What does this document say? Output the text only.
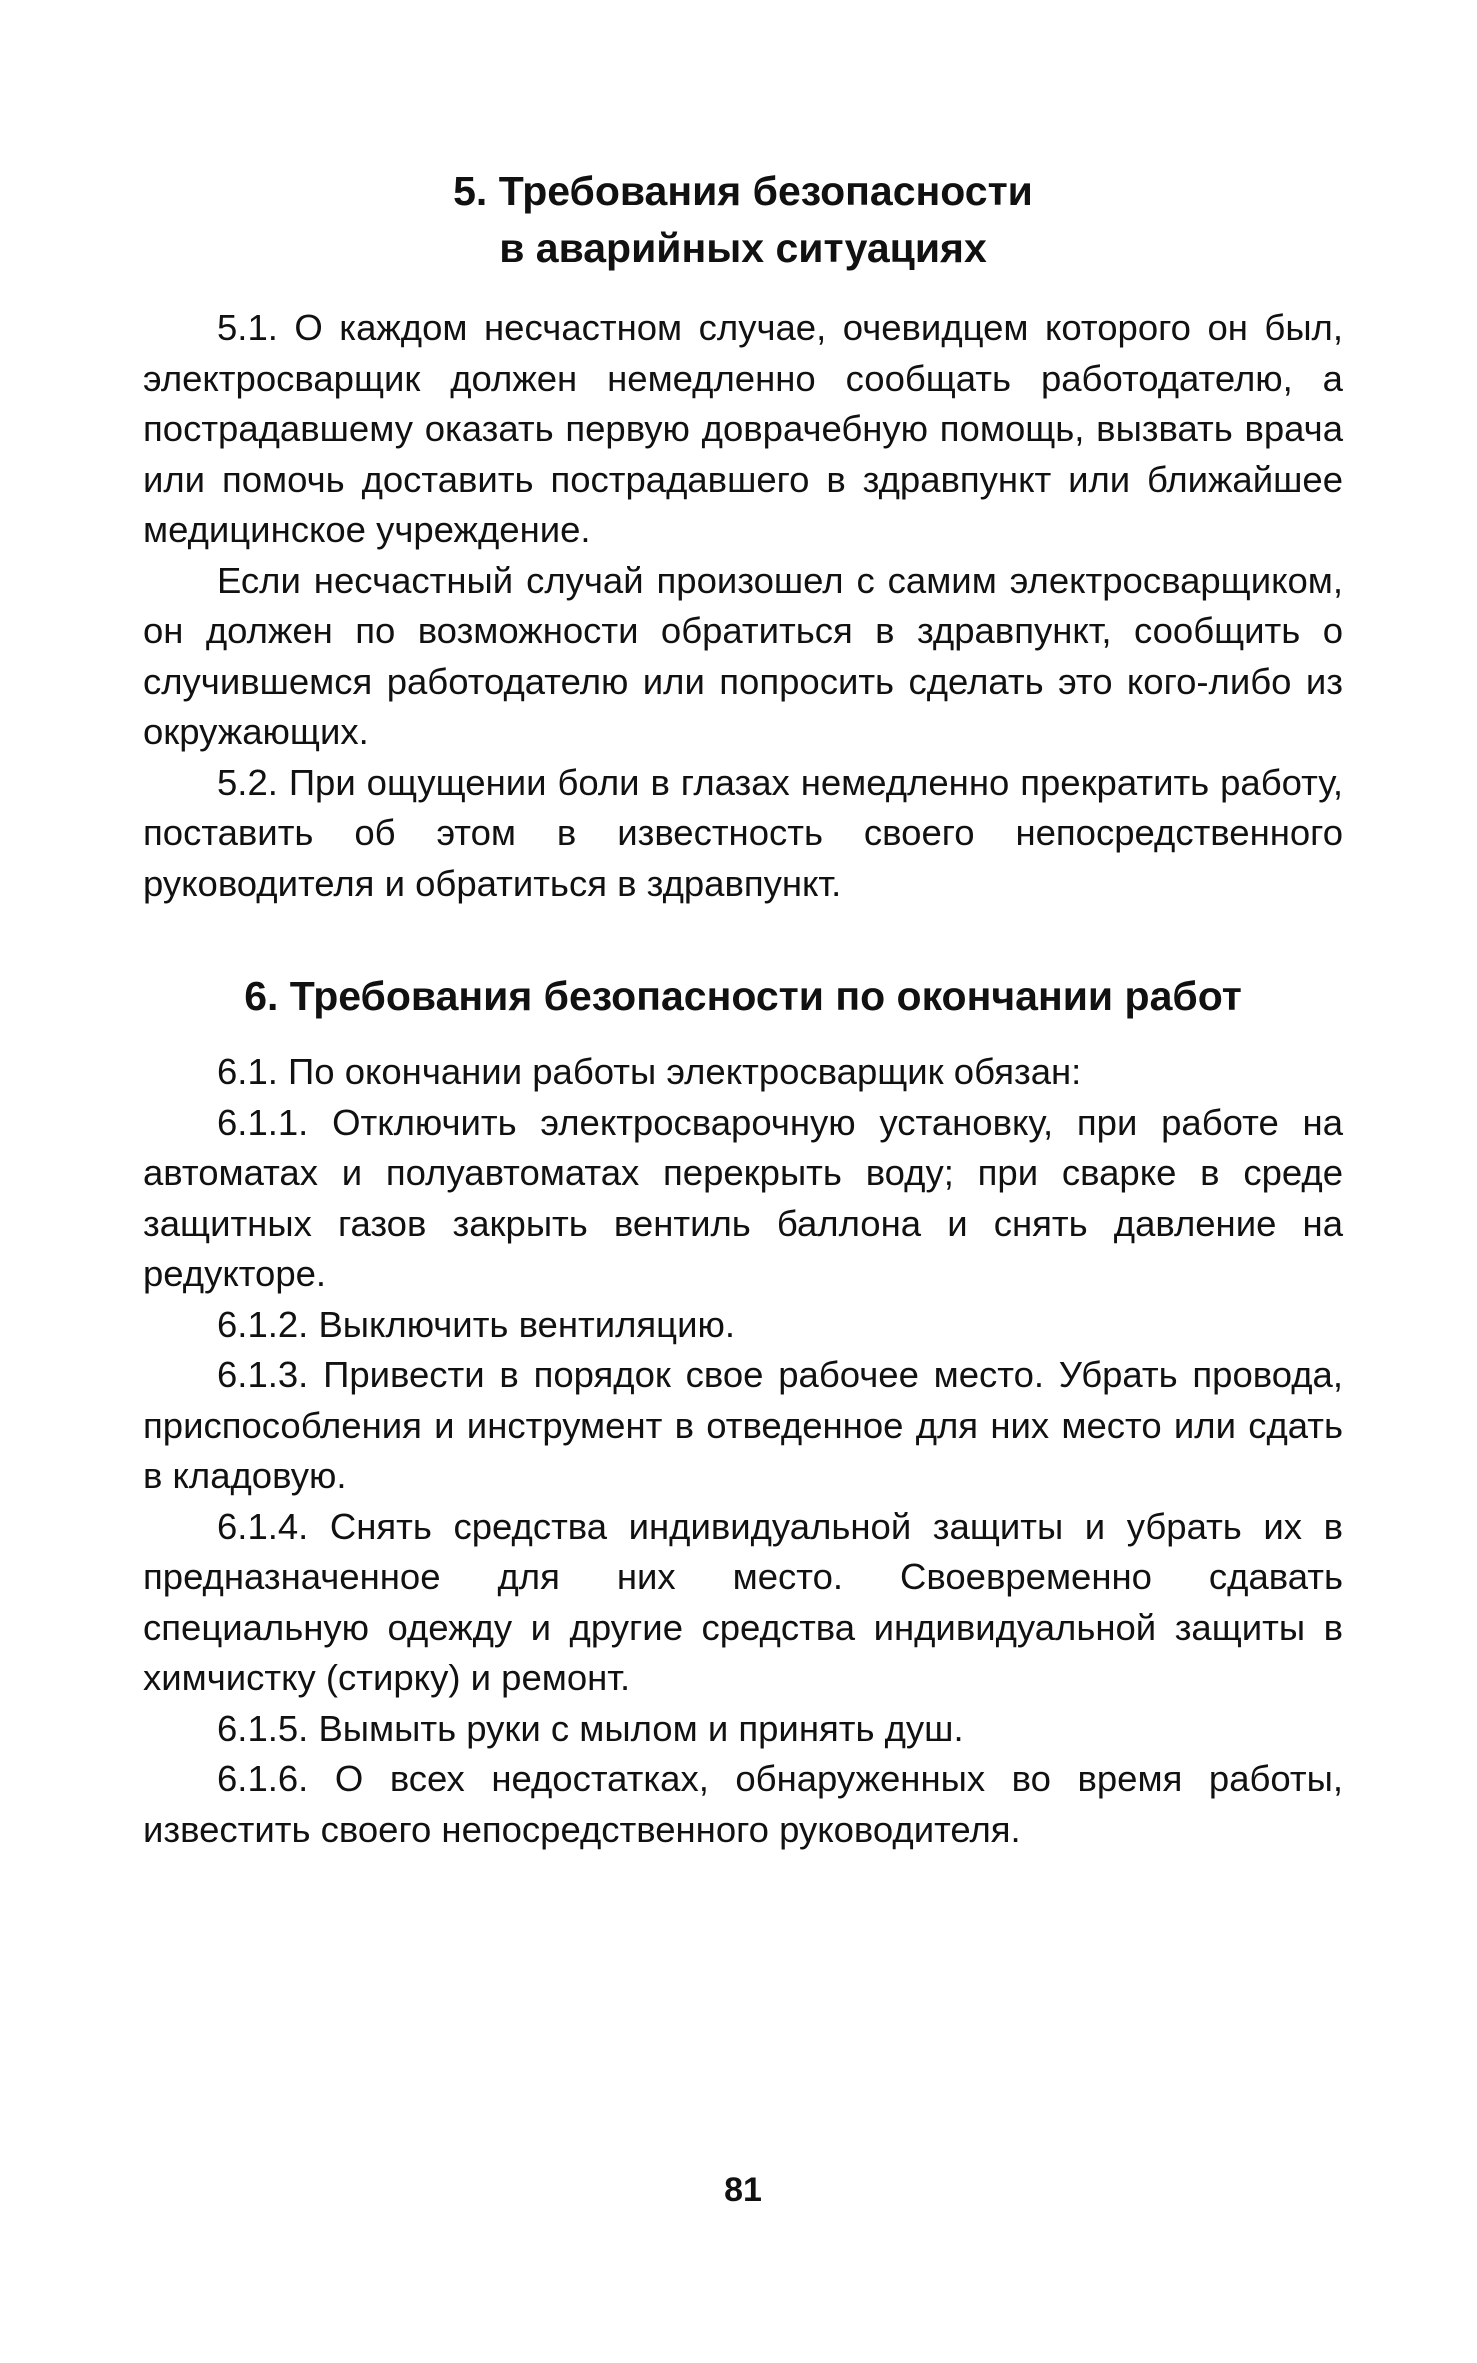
5. Требования безопасности
в аварийных ситуациях

5.1. О каждом несчастном случае, очевидцем которого он был, электросварщик должен немедленно сообщать работодателю, а пострадавшему оказать первую доврачебную помощь, вызвать врача или помочь доставить пострадавшего в здравпункт или ближайшее медицинское учреждение.

Если несчастный случай произошел с самим электросварщиком, он должен по возможности обратиться в здравпункт, сообщить о случившемся работодателю или попросить сделать это кого-либо из окружающих.

5.2. При ощущении боли в глазах немедленно прекратить работу, поставить об этом в известность своего непосредственного руководителя и обратиться в здравпункт.

6. Требования безопасности по окончании работ

6.1. По окончании работы электросварщик обязан:

6.1.1. Отключить электросварочную установку, при работе на автоматах и полуавтоматах перекрыть воду; при сварке в среде защитных газов закрыть вентиль баллона и снять давление на редукторе.

6.1.2. Выключить вентиляцию.

6.1.3. Привести в порядок свое рабочее место. Убрать провода, приспособления и инструмент в отведенное для них место или сдать в кладовую.

6.1.4. Снять средства индивидуальной защиты и убрать их в предназначенное для них место. Своевременно сдавать специальную одежду и другие средства индивидуальной защиты в химчистку (стирку) и ремонт.

6.1.5. Вымыть руки с мылом и принять душ.

6.1.6. О всех недостатках, обнаруженных во время работы, известить своего непосредственного руководителя.

81
